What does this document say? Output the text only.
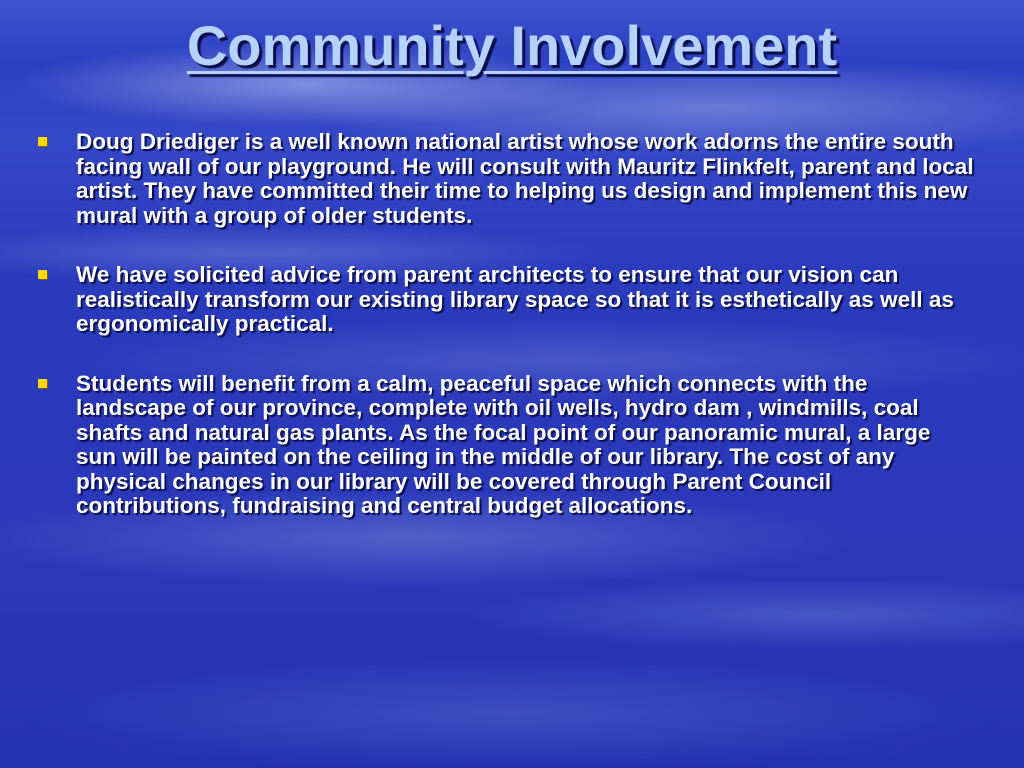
Community Involvement
Doug Driediger is a well known national artist whose work adorns the entire south facing wall of our playground. He will consult with Mauritz Flinkfelt, parent and local artist. They have committed their time to helping us design and implement this new mural with a group of older students.
We have solicited advice from parent architects to ensure that our vision can realistically transform our existing library space so that it is esthetically as well as ergonomically practical.
Students will benefit from a calm, peaceful space which connects with the landscape of our province, complete with oil wells, hydro dam , windmills, coal shafts and natural gas plants. As the focal point of our panoramic mural, a large sun will be painted on the ceiling in the middle of our library. The cost of any physical changes in our library will be covered through Parent Council contributions, fundraising and central budget allocations.
